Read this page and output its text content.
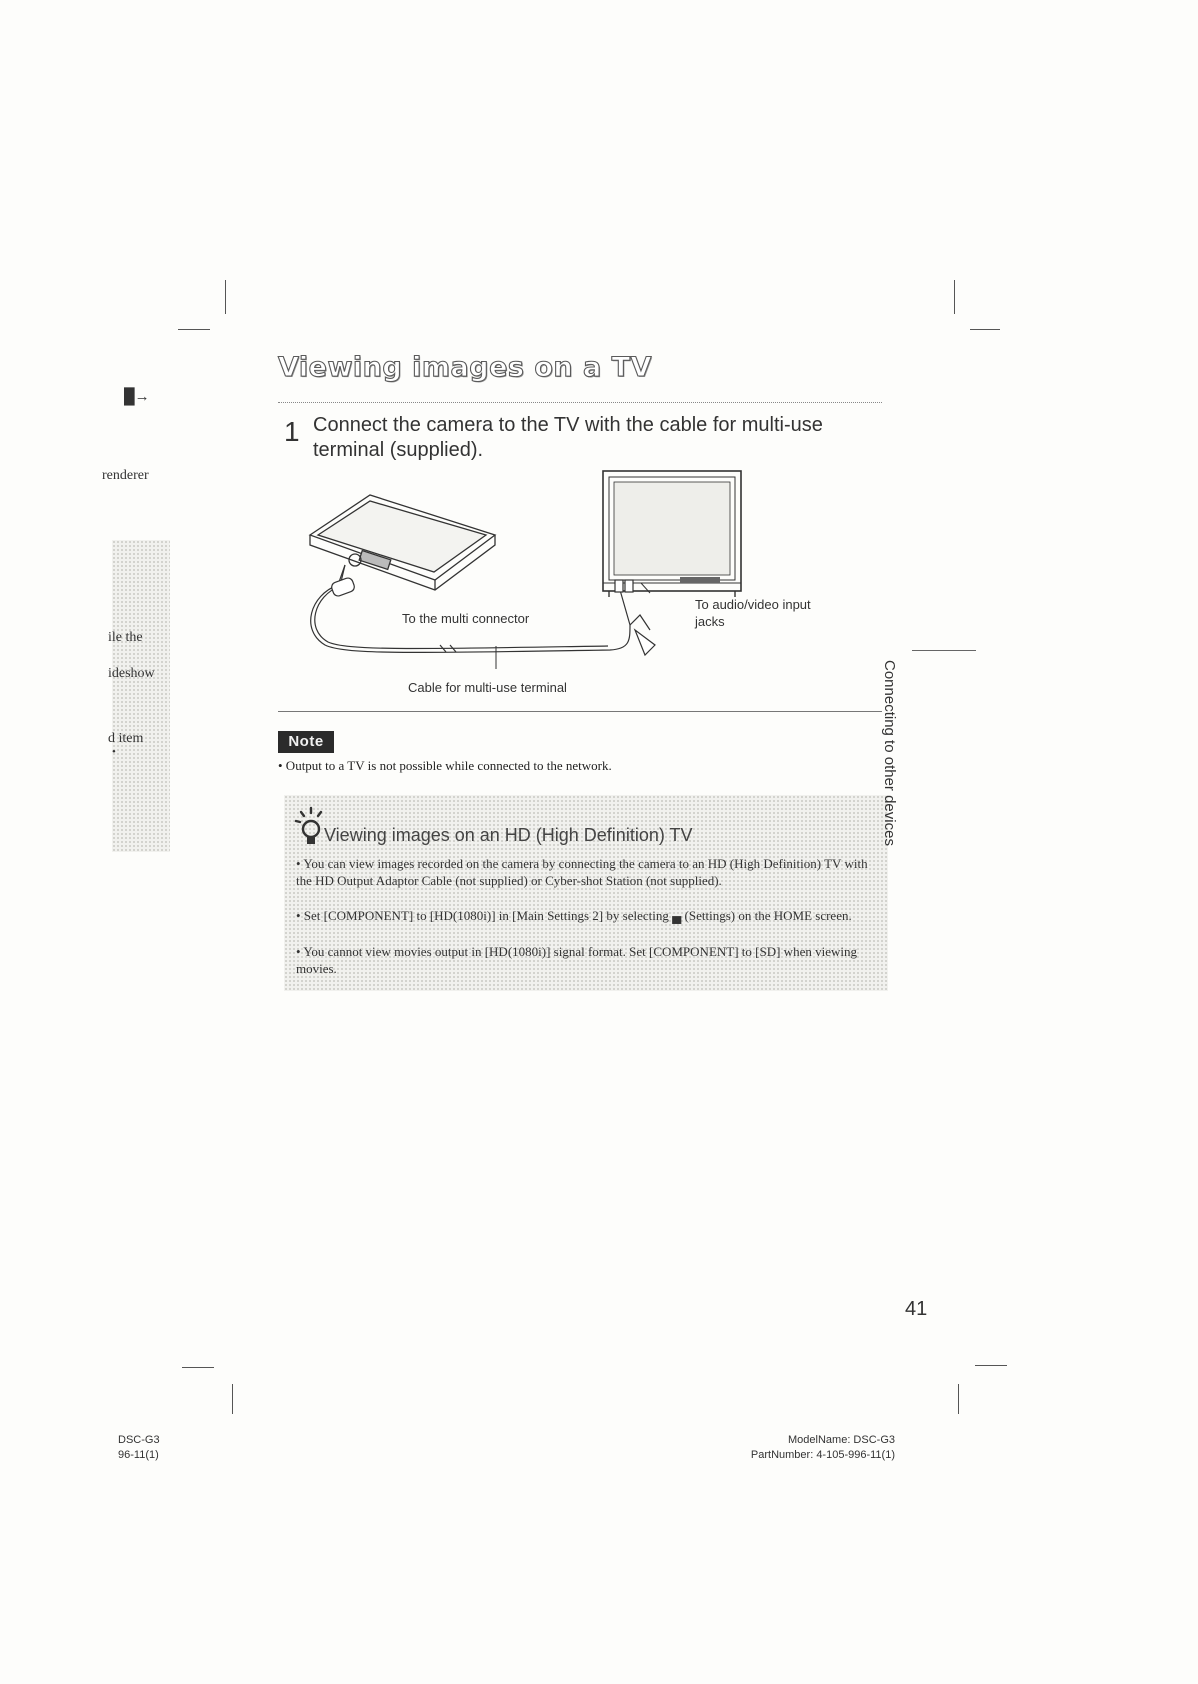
█→
renderer
ile the
ideshow
d item
•
Viewing images on a TV
1 Connect the camera to the TV with the cable for multi-use terminal (supplied).
To the multi connector
To audio/video input jacks
Cable for multi-use terminal
Note
• Output to a TV is not possible while connected to the network.
Viewing images on an HD (High Definition) TV
• You can view images recorded on the camera by connecting the camera to an HD (High Definition) TV with the HD Output Adaptor Cable (not supplied) or Cyber-shot Station (not supplied).
• Set [COMPONENT] to [HD(1080i)] in [Main Settings 2] by selecting ▄ (Settings) on the HOME screen.
• You cannot view movies output in [HD(1080i)] signal format. Set [COMPONENT] to [SD] when viewing movies.
Connecting to other devices
41
DSC-G3
96-11(1)
ModelName: DSC-G3
PartNumber: 4-105-996-11(1)
